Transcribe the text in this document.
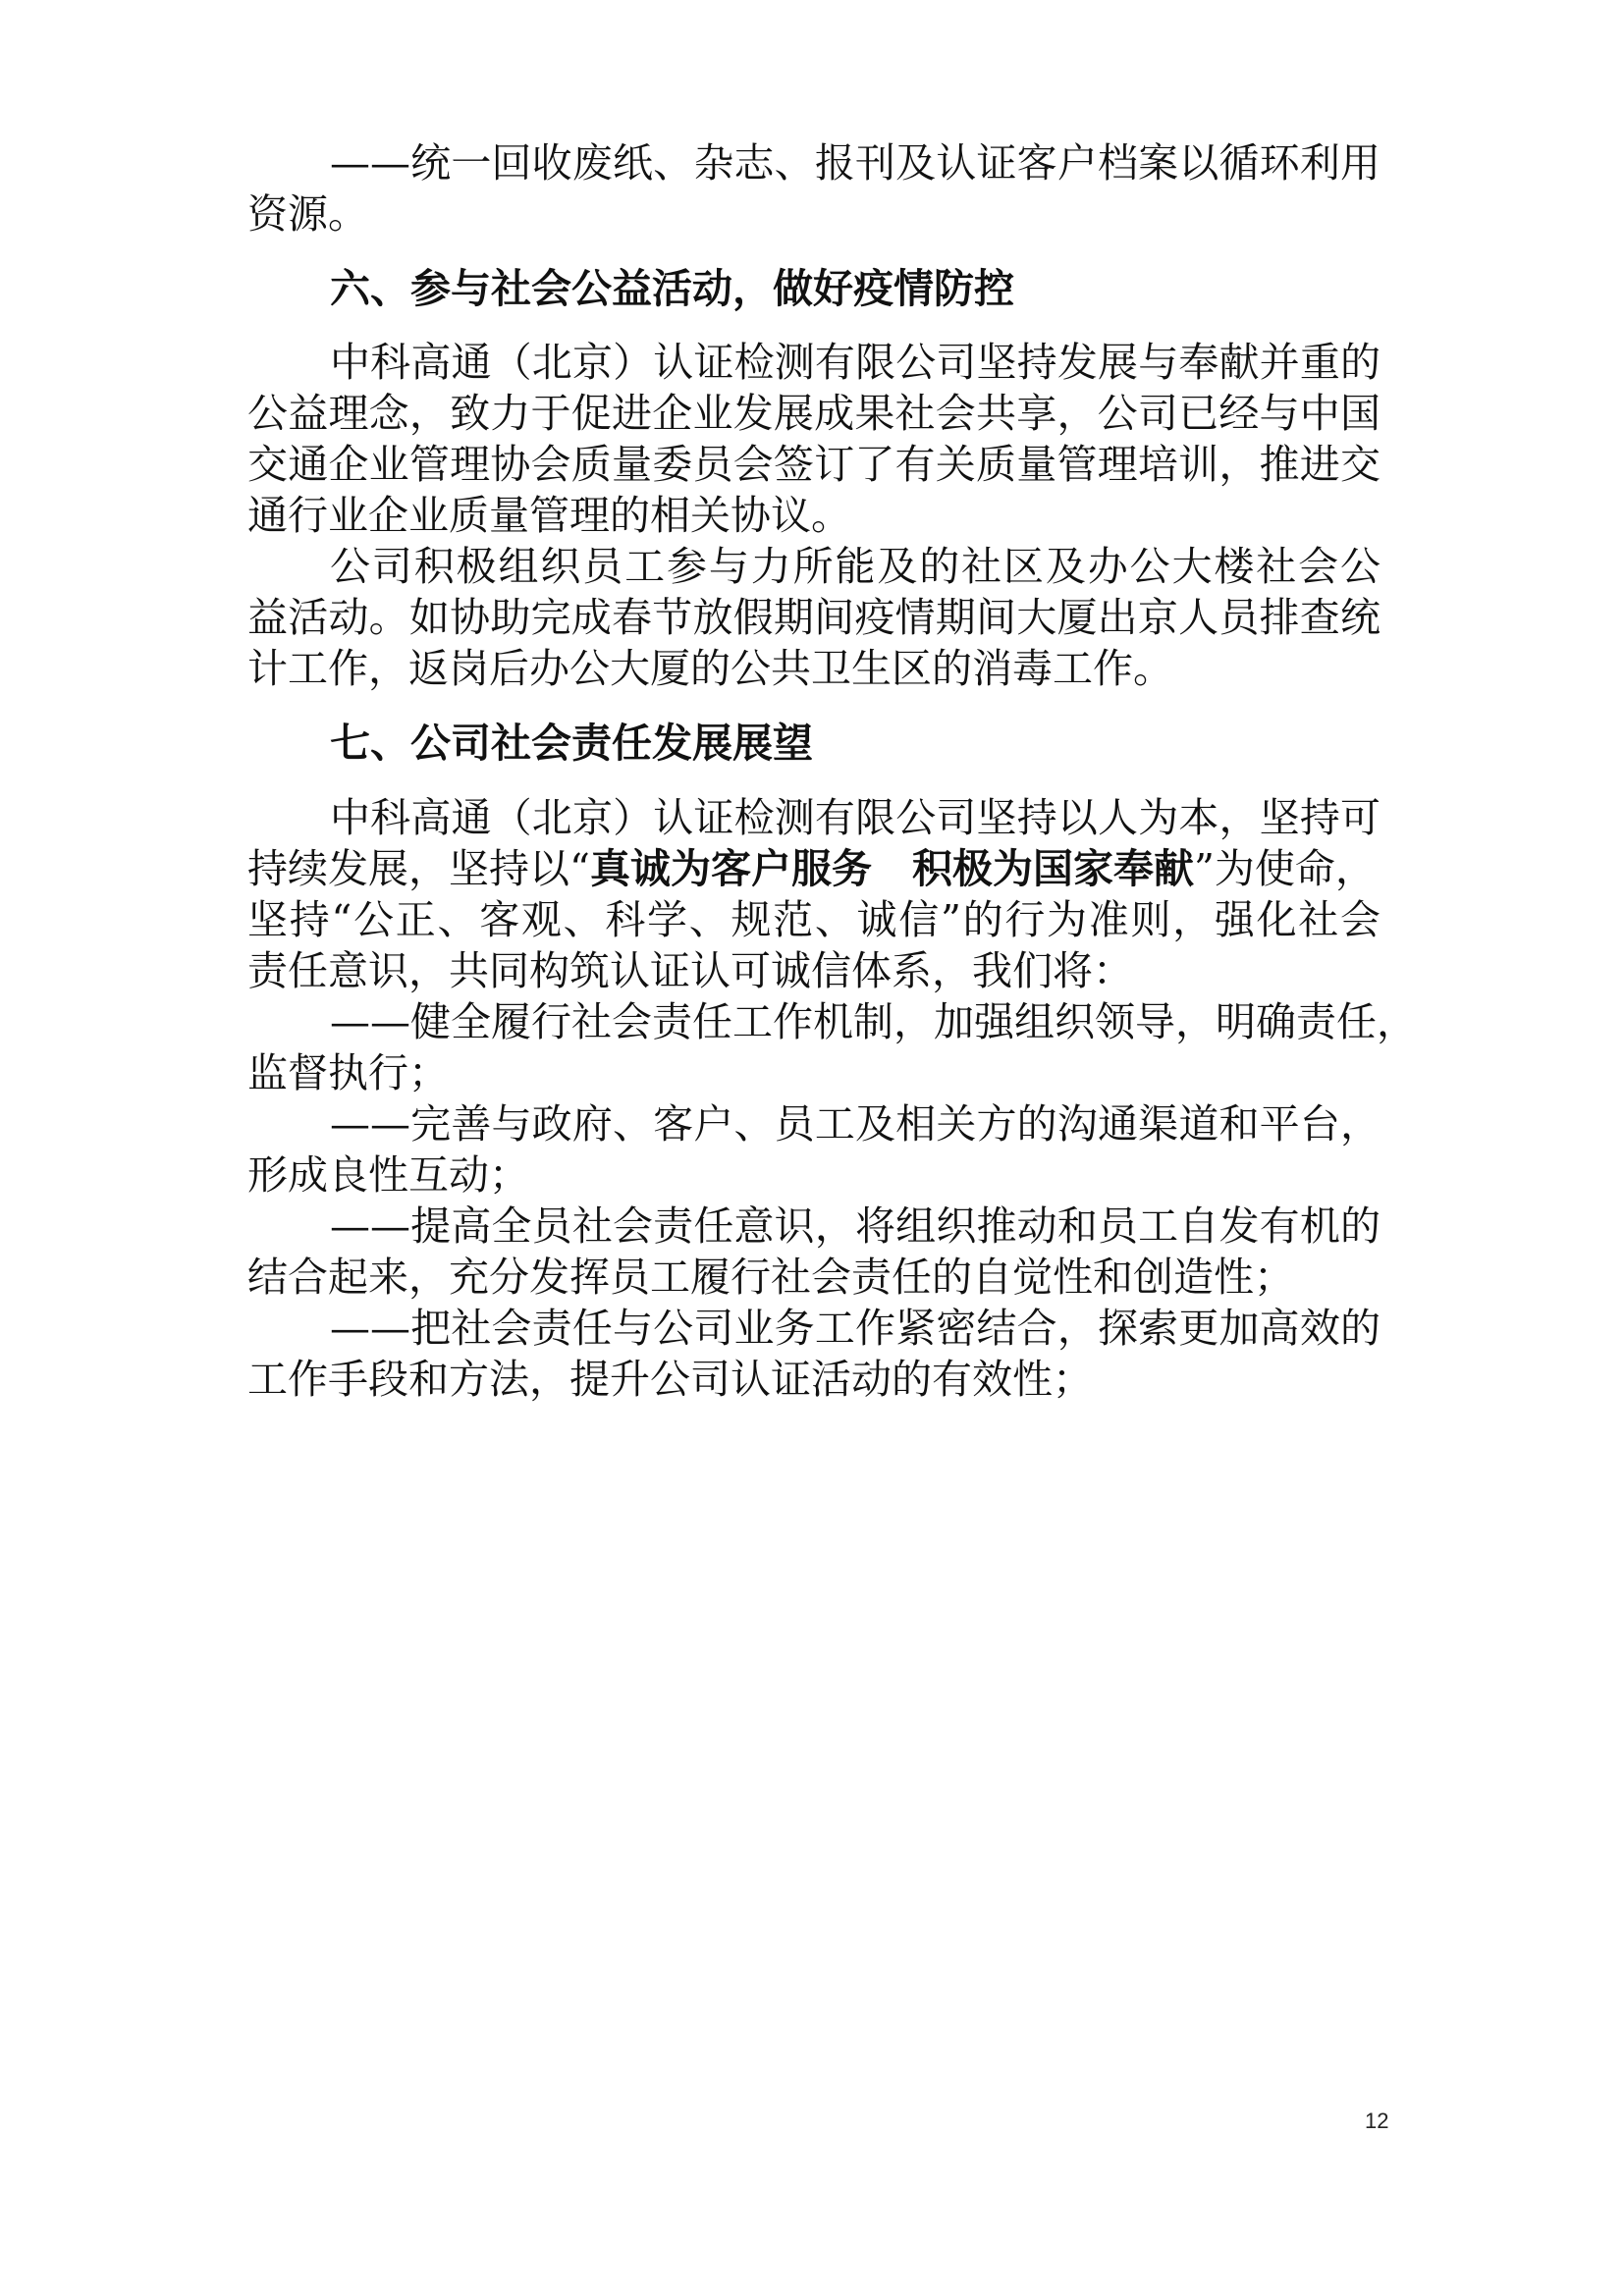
——统一回收废纸、杂志、报刊及认证客户档案以循环利用
资源。
六、参与社会公益活动，做好疫情防控
中科高通（北京）认证检测有限公司坚持发展与奉献并重的
公益理念，致力于促进企业发展成果社会共享，公司已经与中国
交通企业管理协会质量委员会签订了有关质量管理培训，推进交
通行业企业质量管理的相关协议。
公司积极组织员工参与力所能及的社区及办公大楼社会公
益活动。如协助完成春节放假期间疫情期间大厦出京人员排查统
计工作，返岗后办公大厦的公共卫生区的消毒工作。
七、公司社会责任发展展望
中科高通（北京）认证检测有限公司坚持以人为本，坚持可
持续发展，坚持以“真诚为客户服务　积极为国家奉献”为使命，
坚持“公正、客观、科学、规范、诚信”的行为准则，强化社会
责任意识，共同构筑认证认可诚信体系，我们将：
——健全履行社会责任工作机制，加强组织领导，明确责任，
监督执行；
——完善与政府、客户、员工及相关方的沟通渠道和平台，
形成良性互动；
——提高全员社会责任意识，将组织推动和员工自发有机的
结合起来，充分发挥员工履行社会责任的自觉性和创造性；
——把社会责任与公司业务工作紧密结合，探索更加高效的
工作手段和方法，提升公司认证活动的有效性；
12
